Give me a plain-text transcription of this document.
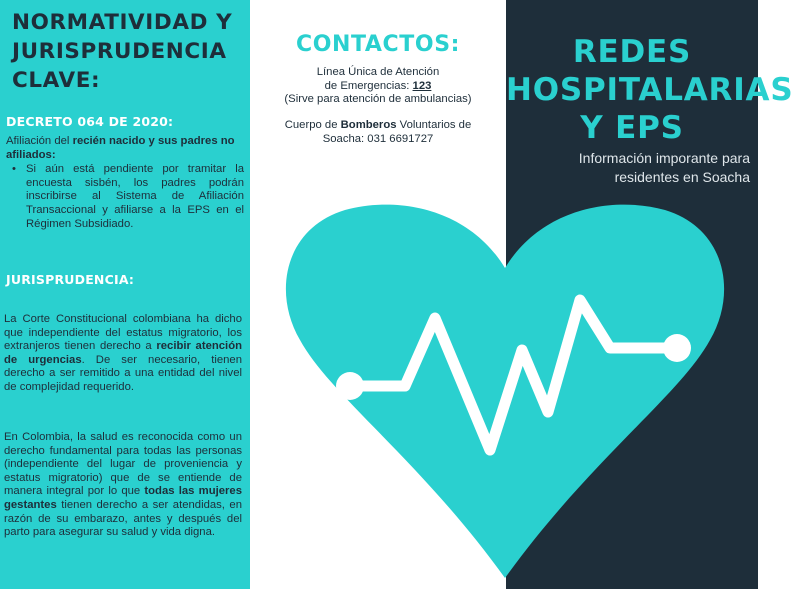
NORMATIVIDAD Y
JURISPRUDENCIA
CLAVE:
DECRETO 064 DE 2020:
Afiliación del recién nacido y sus padres no afiliados:
• Si aún está pendiente por tramitar la encuesta sisbén, los padres podrán inscribirse al Sistema de Afiliación Transaccional y afiliarse a la EPS en el Régimen Subsidiado.
JURISPRUDENCIA:
La Corte Constitucional colombiana ha dicho que independiente del estatus migratorio, los extranjeros tienen derecho a recibir atención de urgencias. De ser necesario, tienen derecho a ser remitido a una entidad del nivel de complejidad requerido.
En Colombia, la salud es reconocida como un derecho fundamental para todas las personas (independiente del lugar de proveniencia y estatus migratorio) que de se entiende de manera integral por lo que todas las mujeres gestantes tienen derecho a ser atendidas, en razón de su embarazo, antes y después del parto para asegurar su salud y vida digna.
CONTACTOS:
Línea Única de Atención
de Emergencias: 123
(Sirve para atención de ambulancias)
Cuerpo de Bomberos Voluntarios de
Soacha: 031 6691727
REDES
HOSPITALARIAS
Y EPS
Información imporante para
residentes en Soacha
